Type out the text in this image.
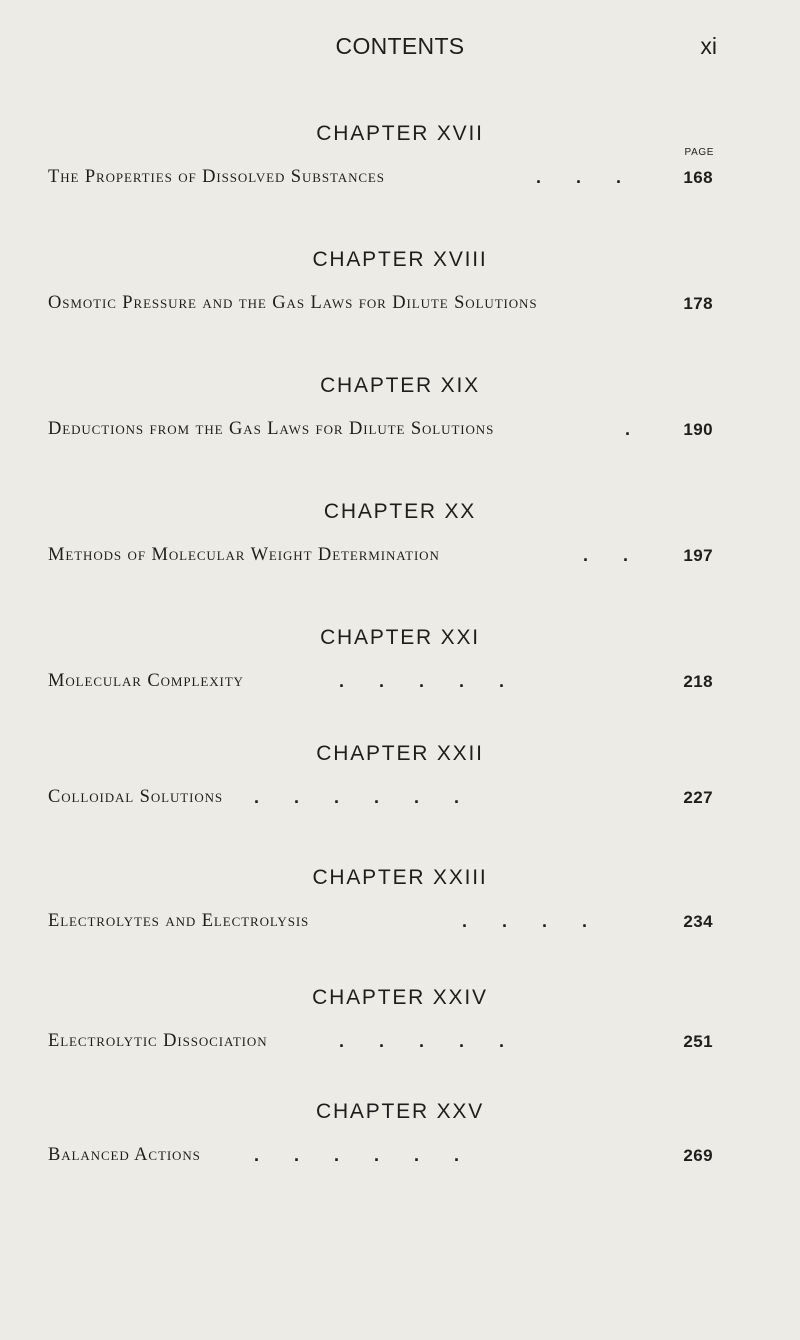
CONTENTS	xi
PAGE
CHAPTER XVII
The Properties of Dissolved Substances	.       .       .	168
CHAPTER XVIII
Osmotic Pressure and the Gas Laws for Dilute Solutions	178
CHAPTER XIX
Deductions from the Gas Laws for Dilute Solutions	.	190
CHAPTER XX
Methods of Molecular Weight Determination	.       .	197
CHAPTER XXI
Molecular Complexity	.       .       .       .       .	218
CHAPTER XXII
Colloidal Solutions .       .       .       .       .       .	227
CHAPTER XXIII
Electrolytes and Electrolysis	.       .       .       .	234
CHAPTER XXIV
Electrolytic Dissociation	.       .       .       .       .	251
CHAPTER XXV
Balanced Actions	.       .       .       .       .       .	269
